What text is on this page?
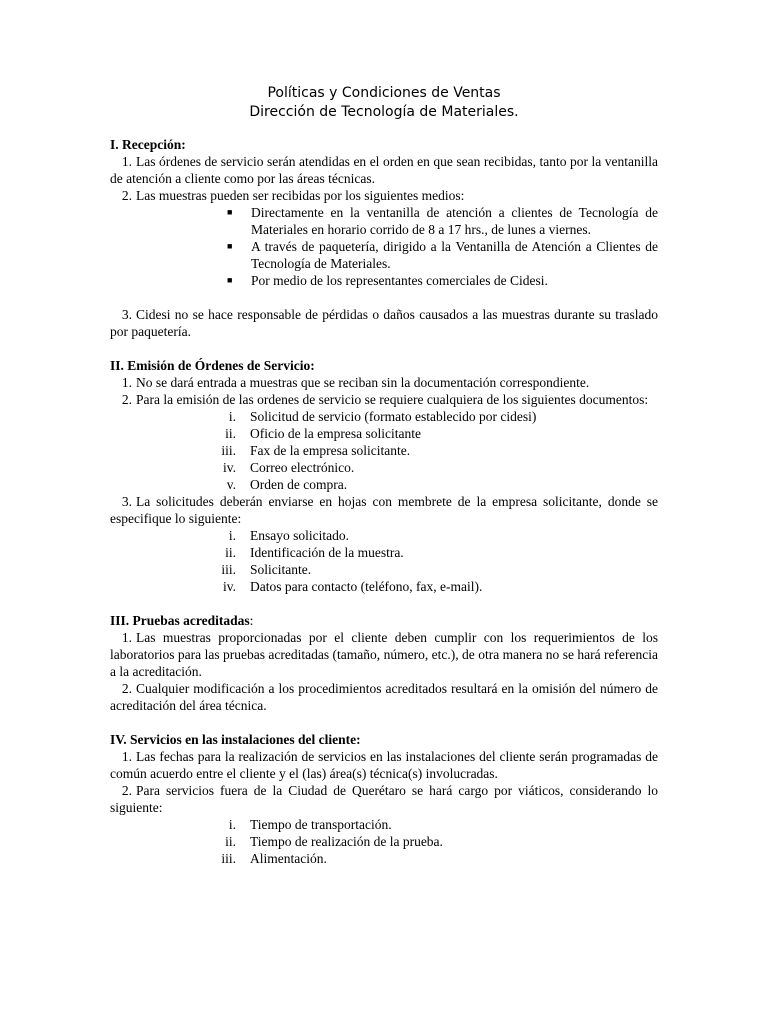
Políticas y Condiciones de Ventas
Dirección de Tecnología de Materiales.
I. Recepción:
1. Las órdenes de servicio serán atendidas en el orden en que sean recibidas, tanto por la ventanilla de atención a cliente como por las áreas técnicas.
2. Las muestras pueden ser recibidas por los siguientes medios:
■	Directamente en la ventanilla de atención a clientes de Tecnología de Materiales en horario corrido de 8 a 17 hrs., de lunes a viernes.
■	A través de paquetería, dirigido a la Ventanilla de Atención a Clientes de Tecnología de Materiales.
■	Por medio de los representantes comerciales de Cidesi.
3. Cidesi no se hace responsable de pérdidas o daños causados a las muestras durante su traslado por paquetería.
II. Emisión de Órdenes de Servicio:
1. No se dará entrada a muestras que se reciban sin la documentación correspondiente.
2. Para la emisión de las ordenes de servicio se requiere cualquiera de los siguientes documentos:
i.	Solicitud de servicio (formato establecido por cidesi)
ii.	Oficio de la empresa solicitante
iii.	Fax de la empresa solicitante.
iv.	Correo electrónico.
v.	Orden de compra.
3. La solicitudes deberán enviarse en hojas con membrete de la empresa solicitante, donde se especifique lo siguiente:
i.	Ensayo solicitado.
ii.	Identificación de la muestra.
iii.	Solicitante.
iv.	Datos para contacto (teléfono, fax, e-mail).
III. Pruebas acreditadas:
1. Las muestras proporcionadas por el cliente deben cumplir con los requerimientos de los laboratorios para las pruebas acreditadas (tamaño, número, etc.), de otra manera no se hará referencia a la acreditación.
2. Cualquier modificación a los procedimientos acreditados resultará en la omisión del número de acreditación del área técnica.
IV. Servicios en las instalaciones del cliente:
1. Las fechas para la realización de servicios en las instalaciones del cliente serán programadas de común acuerdo entre el cliente y el (las) área(s) técnica(s) involucradas.
2. Para servicios fuera de la Ciudad de Querétaro se hará cargo por viáticos, considerando lo siguiente:
i.	Tiempo de transportación.
ii.	Tiempo de realización de la prueba.
iii.	Alimentación.
